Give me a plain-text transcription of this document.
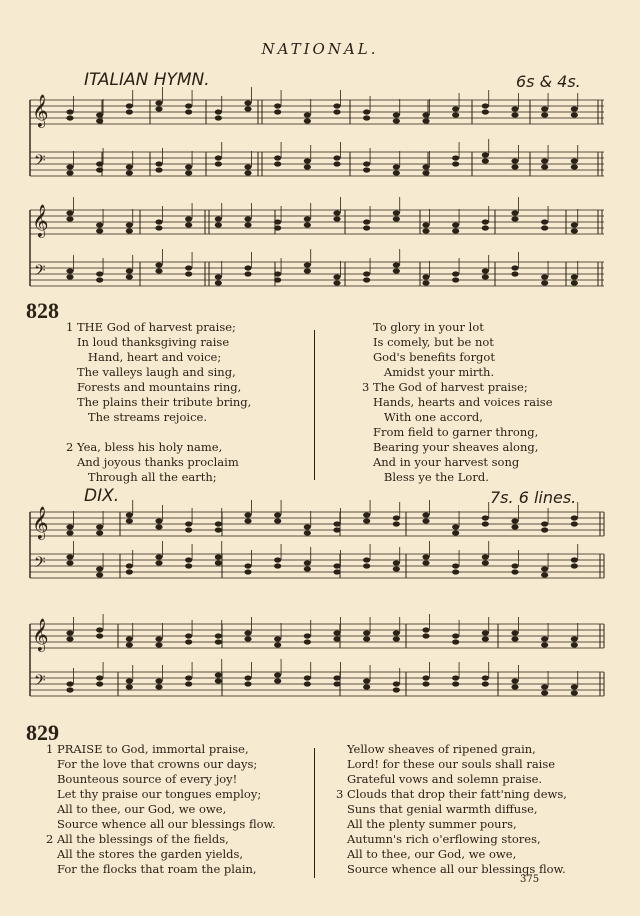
NATIONAL.
ITALIAN HYMN.	6s & 4s.
𝄞
𝄢
𝄞
𝄢
828
1 THE God of harvest praise;
In loud thanksgiving raise
Hand, heart and voice;
The valleys laugh and sing,
Forests and mountains ring,
The plains their tribute bring,
The streams rejoice.
2 Yea, bless his holy name,
And joyous thanks proclaim
Through all the earth;
To glory in your lot
Is comely, but be not
God's benefits forgot
Amidst your mirth.
3 The God of harvest praise;
Hands, hearts and voices raise
With one accord,
From field to garner throng,
Bearing your sheaves along,
And in your harvest song
Bless ye the Lord.
DIX.	7s. 6 lines.
𝄞
𝄢
𝄞
𝄢
829
1 PRAISE to God, immortal praise,
For the love that crowns our days;
Bounteous source of every joy!
Let thy praise our tongues employ;
All to thee, our God, we owe,
Source whence all our blessings flow.
2 All the blessings of the fields,
All the stores the garden yields,
For the flocks that roam the plain,
Yellow sheaves of ripened grain,
Lord! for these our souls shall raise
Grateful vows and solemn praise.
3 Clouds that drop their fatt'ning dews,
Suns that genial warmth diffuse,
All the plenty summer pours,
Autumn's rich o'erflowing stores,
All to thee, our God, we owe,
Source whence all our blessings flow.
375
